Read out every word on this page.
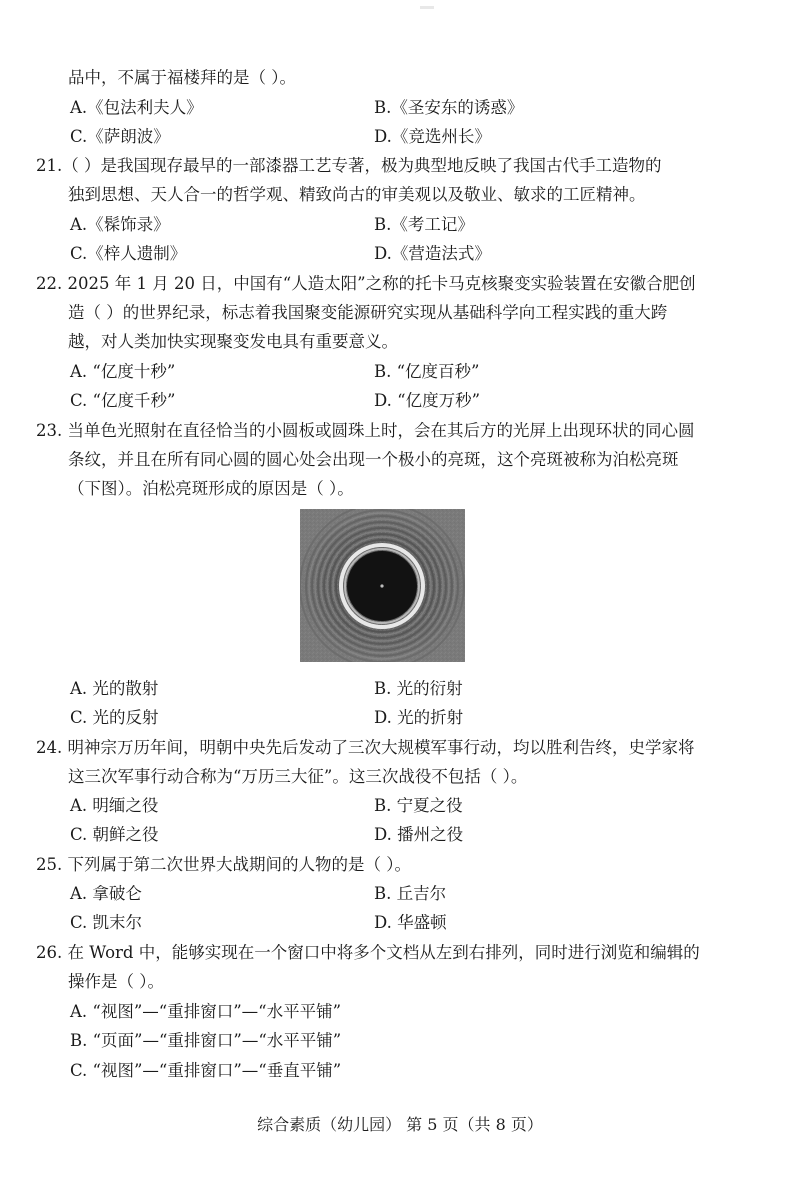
品中，不属于福楼拜的是（ ）。
A.《包法利夫人》	B.《圣安东的诱惑》
C.《萨朗波》	D.《竞选州长》
21.（ ）是我国现存最早的一部漆器工艺专著，极为典型地反映了我国古代手工造物的
独到思想、天人合一的哲学观、精致尚古的审美观以及敬业、敏求的工匠精神。
A.《髹饰录》	B.《考工记》
C.《梓人遗制》	D.《营造法式》
22. 2025 年 1 月 20 日，中国有“人造太阳”之称的托卡马克核聚变实验装置在安徽合肥创
造（ ）的世界纪录，标志着我国聚变能源研究实现从基础科学向工程实践的重大跨
越，对人类加快实现聚变发电具有重要意义。
A. “亿度十秒”	B. “亿度百秒”
C. “亿度千秒”	D. “亿度万秒”
23. 当单色光照射在直径恰当的小圆板或圆珠上时，会在其后方的光屏上出现环状的同心圆
条纹，并且在所有同心圆的圆心处会出现一个极小的亮斑，这个亮斑被称为泊松亮斑
（下图）。泊松亮斑形成的原因是（ ）。
A. 光的散射	B. 光的衍射
C. 光的反射	D. 光的折射
24. 明神宗万历年间，明朝中央先后发动了三次大规模军事行动，均以胜利告终，史学家将
这三次军事行动合称为“万历三大征”。这三次战役不包括（ ）。
A. 明缅之役	B. 宁夏之役
C. 朝鲜之役	D. 播州之役
25. 下列属于第二次世界大战期间的人物的是（ ）。
A. 拿破仑	B. 丘吉尔
C. 凯末尔	D. 华盛顿
26. 在 Word 中，能够实现在一个窗口中将多个文档从左到右排列，同时进行浏览和编辑的
操作是（ ）。
A. “视图”—“重排窗口”—“水平平铺”
B. “页面”—“重排窗口”—“水平平铺”
C. “视图”—“重排窗口”—“垂直平铺”
综合素质（幼儿园） 第 5 页（共 8 页）
